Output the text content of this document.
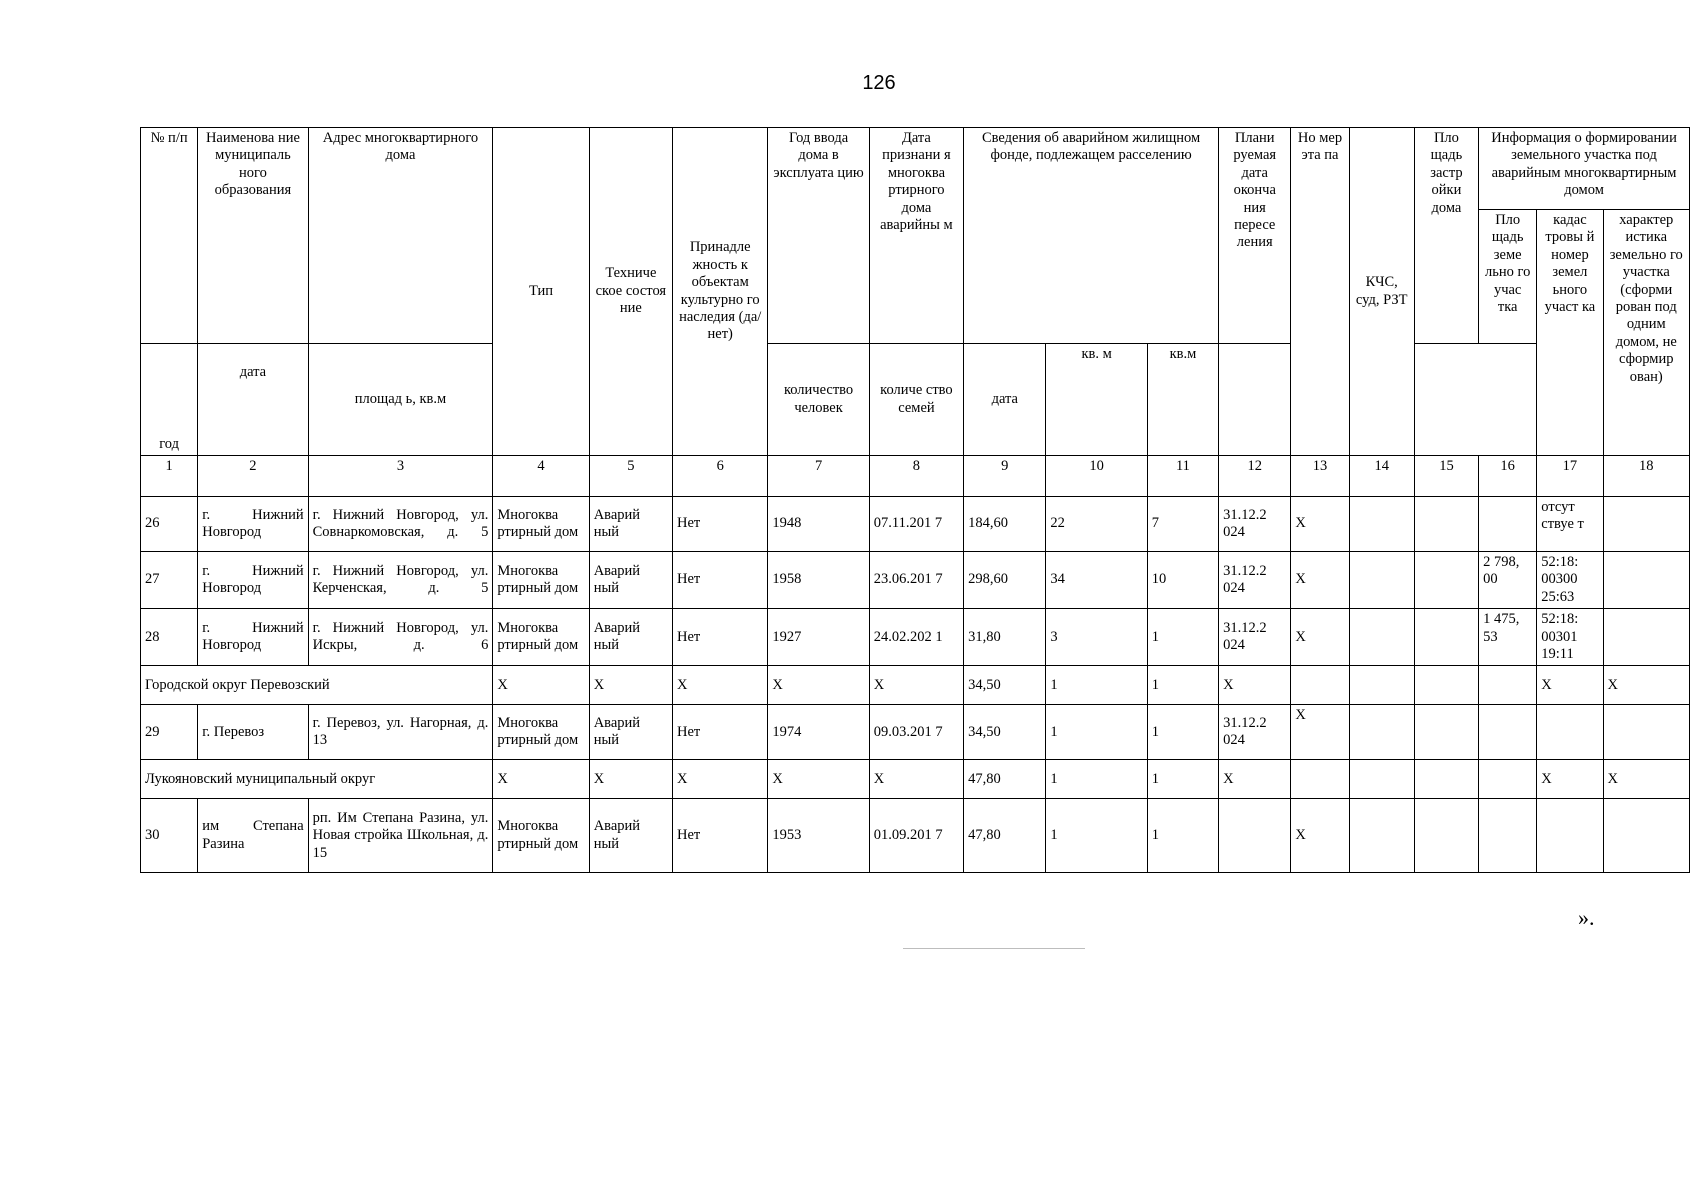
126
№ п/п	Наименова ние муниципаль ного образования	Адрес многоквартирного дома	Тип	Техниче ское состоя ние	Принадле жность к объектам культурно го наследия (да/нет)	Год ввода дома в эксплуата цию	Дата признани я многоква ртирного дома аварийны м	Сведения об аварийном жилищном фонде, подлежащем расселению			Плани руемая дата оконча ния пересе ления	Но мер эта па	КЧС, суд, РЗТ	Пло щадь застр ойки дома	Информация о формировании земельного участка под аварийным многоквартирным домом		
															Пло щадь земе льно го учас тка	кадас тровы й номер земел ьного участ ка	характер истика земельно го участка (сформи рован под одним домом, не сформир ован)
год	дата	площад ь, кв.м				количество человек	количе ство семей	дата	кв. м	кв.м							
1	2	3	4	5	6	7	8	9	10	11	12	13	14	15	16	17	18
26	г. Нижний Новгород	г. Нижний Новгород, ул. Совнаркомовская, д. 5	Многоква ртирный дом	Аварий ный	Нет	1948	07.11.201 7	184,60	22	7	31.12.2 024	Х				отсут ствуе т	
27	г. Нижний Новгород	г. Нижний Новгород, ул. Керченская, д. 5	Многоква ртирный дом	Аварий ный	Нет	1958	23.06.201 7	298,60	34	10	31.12.2 024	Х			2 798, 00	52:18: 00300 25:63	
28	г. Нижний Новгород	г. Нижний Новгород, ул. Искры, д. 6	Многоква ртирный дом	Аварий ный	Нет	1927	24.02.202 1	31,80	3	1	31.12.2 024	Х			1 475, 53	52:18: 00301 19:11	
Городской округ Перевозский			Х	Х	Х	Х	Х	34,50	1	1	Х					Х	Х
29	г. Перевоз	г. Перевоз, ул. Нагорная, д. 13	Многоква ртирный дом	Аварий ный	Нет	1974	09.03.201 7	34,50	1	1	31.12.2 024	Х					
Лукояновский муниципальный округ			Х	Х	Х	Х	Х	47,80	1	1	Х					Х	Х
30	им Степана Разина	рп. Им Степана Разина, ул. Новая стройка Школьная, д. 15	Многоква ртирный дом	Аварий ный	Нет	1953	01.09.201 7	47,80	1	1		Х					
».
